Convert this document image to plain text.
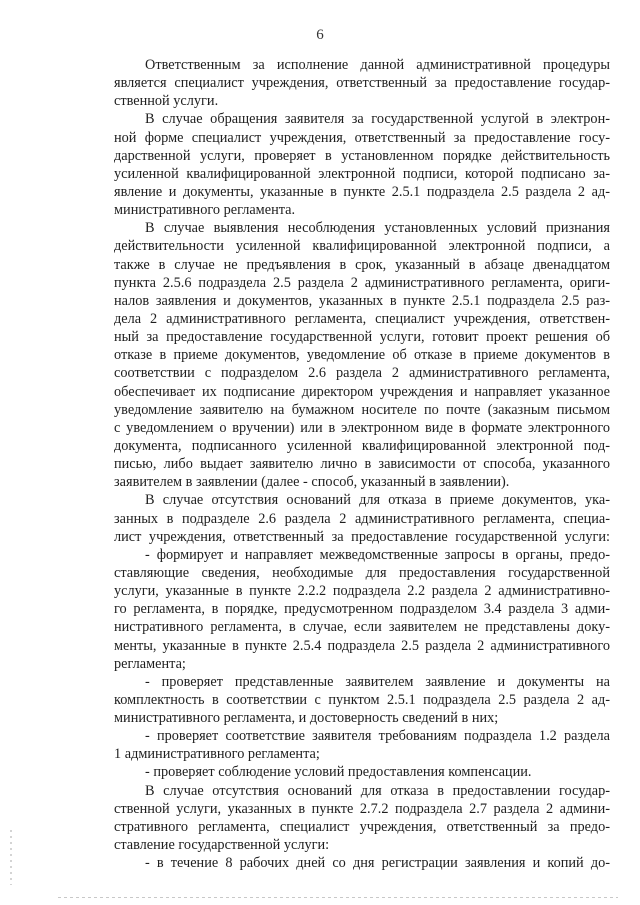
6
Ответственным за исполнение данной административной процедуры
является специалист учреждения, ответственный за предоставление государ-
ственной услуги.
В случае обращения заявителя за государственной услугой в электрон-
ной форме специалист учреждения, ответственный за предоставление госу-
дарственной услуги, проверяет в установленном порядке действительность
усиленной квалифицированной электронной подписи, которой подписано за-
явление и документы, указанные в пункте 2.5.1 подраздела 2.5 раздела 2 ад-
министративного регламента.
В случае выявления несоблюдения установленных условий признания
действительности усиленной квалифицированной электронной подписи, а
также в случае не предъявления в срок, указанный в абзаце двенадцатом
пункта 2.5.6 подраздела 2.5 раздела 2 административного регламента, ориги-
налов заявления и документов, указанных в пункте 2.5.1 подраздела 2.5 раз-
дела 2 административного регламента, специалист учреждения, ответствен-
ный за предоставление государственной услуги, готовит проект решения об
отказе в приеме документов, уведомление об отказе в приеме документов в
соответствии с подразделом 2.6 раздела 2 административного регламента,
обеспечивает их подписание директором учреждения и направляет указанное
уведомление заявителю на бумажном носителе по почте (заказным письмом
с уведомлением о вручении) или в электронном виде в формате электронного
документа, подписанного усиленной квалифицированной электронной под-
писью, либо выдает заявителю лично в зависимости от способа, указанного
заявителем в заявлении (далее - способ, указанный в заявлении).
В случае отсутствия оснований для отказа в приеме документов, ука-
занных в подразделе 2.6 раздела 2 административного регламента, специа-
лист учреждения, ответственный за предоставление государственной услуги:
- формирует и направляет межведомственные запросы в органы, предо-
ставляющие сведения, необходимые для предоставления государственной
услуги, указанные в пункте 2.2.2 подраздела 2.2 раздела 2 административно-
го регламента, в порядке, предусмотренном подразделом 3.4 раздела 3 адми-
нистративного регламента, в случае, если заявителем не представлены доку-
менты, указанные в пункте 2.5.4 подраздела 2.5 раздела 2 административного
регламента;
- проверяет представленные заявителем заявление и документы на
комплектность в соответствии с пунктом 2.5.1 подраздела 2.5 раздела 2 ад-
министративного регламента, и достоверность сведений в них;
- проверяет соответствие заявителя требованиям подраздела 1.2 раздела
1 административного регламента;
- проверяет соблюдение условий предоставления компенсации.
В случае отсутствия оснований для отказа в предоставлении государ-
ственной услуги, указанных в пункте 2.7.2 подраздела 2.7 раздела 2 админи-
стративного регламента, специалист учреждения, ответственный за предо-
ставление государственной услуги:
- в течение 8 рабочих дней со дня регистрации заявления и копий до-
